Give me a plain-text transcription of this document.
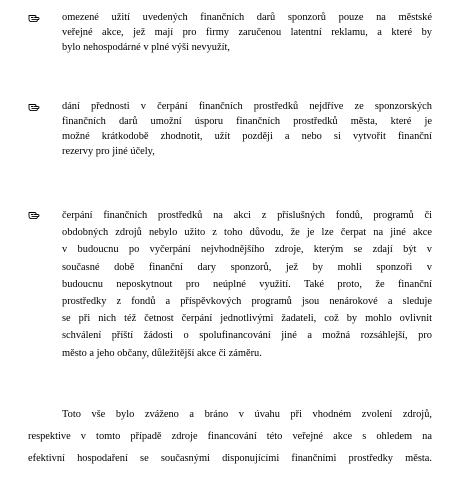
omezené užití uvedených finančních darů sponzorů pouze na městské
veřejné akce, jež mají pro firmy zaručenou latentní reklamu, a které by
bylo nehospodárné v plné výši nevyužít,
dání přednosti v čerpání finančních prostředků nejdříve ze sponzorských
finančních darů umožní úsporu finančních prostředků města, které je
možné krátkodobě zhodnotit, užít později a nebo si vytvořit finanční
rezervy pro jiné účely,
čerpání finančních prostředků na akci z příslušných fondů, programů či
obdobných zdrojů nebylo užito z toho důvodu, že je lze čerpat na jiné akce
v budoucnu po vyčerpání nejvhodnějšího zdroje, kterým se zdají být v
současné době finanční dary sponzorů, jež by mohli sponzoři v
budoucnu neposkytnout pro neúplné využití. Také proto, že finanční
prostředky z fondů a příspěvkových programů jsou nenárokové a sleduje
se při nich též četnost čerpání jednotlivými žadateli, což by mohlo ovlivnit
schválení příští žádosti o spolufinancování jiné a možná rozsáhlejší, pro
město a jeho občany, důležitější akce či záměru.
Toto vše bylo zváženo a bráno v úvahu při vhodném zvolení zdrojů,
respektive v tomto případě zdroje financování této veřejné akce s ohledem na
efektivní hospodaření se současnými disponujícími finančními prostředky města.
